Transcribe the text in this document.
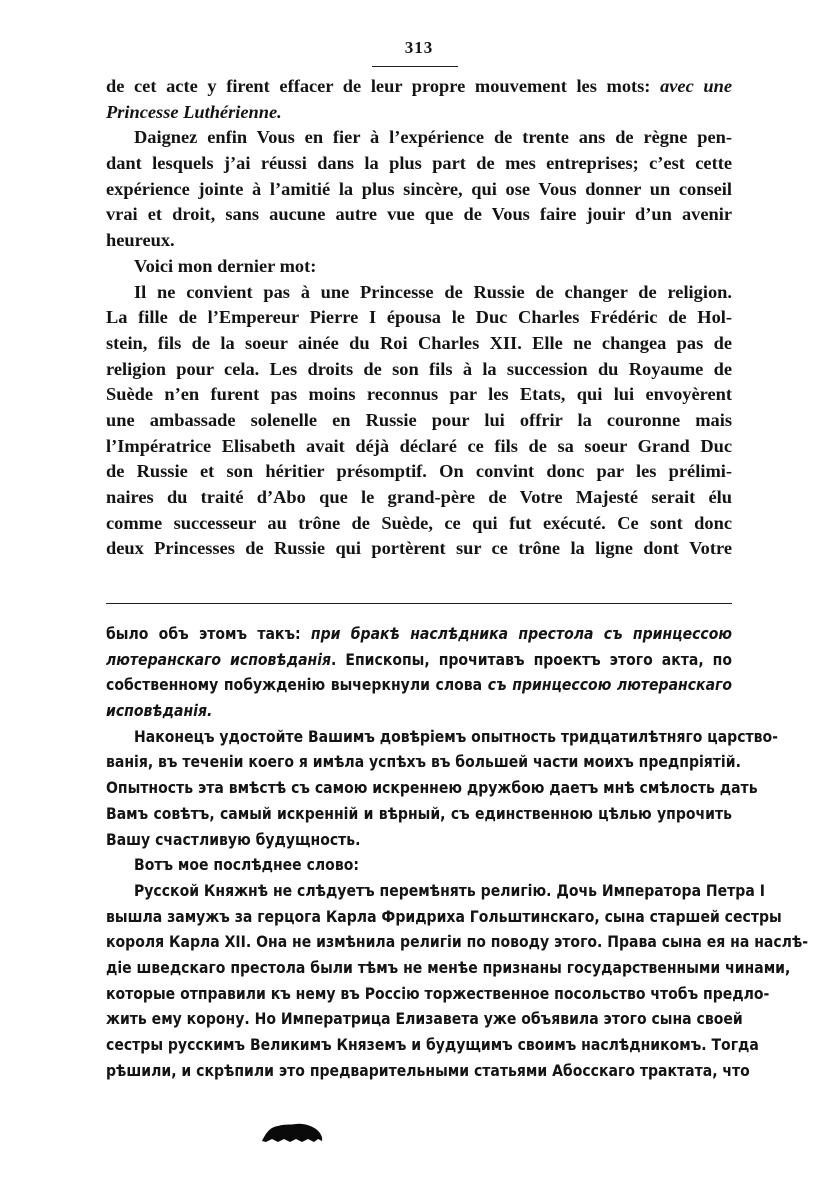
313
de cet acte y firent effacer de leur propre mouvement les mots: avec une
Princesse Luthérienne.
Daignez enfin Vous en fier à l’expérience de trente ans de règne pen-
dant lesquels j’ai réussi dans la plus part de mes entreprises; c’est cette
expérience jointe à l’amitié la plus sincère, qui ose Vous donner un conseil
vrai et droit, sans aucune autre vue que de Vous faire jouir d’un avenir
heureux.
Voici mon dernier mot:
Il ne convient pas à une Princesse de Russie de changer de religion.
La fille de l’Empereur Pierre I épousa le Duc Charles Frédéric de Hol-
stein, fils de la soeur ainée du Roi Charles XII. Elle ne changea pas de
religion pour cela. Les droits de son fils à la succession du Royaume de
Suède n’en furent pas moins reconnus par les Etats, qui lui envoyèrent
une ambassade solenelle en Russie pour lui offrir la couronne mais
l’Impératrice Elisabeth avait déjà déclaré ce fils de sa soeur Grand Duc
de Russie et son héritier présomptif. On convint donc par les prélimi-
naires du traité d’Abo que le grand-père de Votre Majesté serait élu
comme successeur au trône de Suède, ce qui fut exécuté. Ce sont donc
deux Princesses de Russie qui portèrent sur ce trône la ligne dont Votre
было объ этомъ такъ: при бракѣ наслѣдника престола съ принцессою
лютеранскаго исповѣданія. Епископы, прочитавъ проектъ этого акта, по
собственному побужденію вычеркнули слова съ принцессою лютеранскаго
исповѣданія.
Наконецъ удостойте Вашимъ довѣріемъ опытность тридцатилѣтняго царство-
ванія, въ теченіи коего я имѣла успѣхъ въ большей части моихъ предпріятій.
Опытность эта вмѣстѣ съ самою искреннею дружбою даетъ мнѣ смѣлость дать
Вамъ совѣтъ, самый искренній и вѣрный, съ единственною цѣлью упрочить
Вашу счастливую будущность.
Вотъ мое послѣднее слово:
Русской Княжнѣ не слѣдуетъ перемѣнять религію. Дочь Императора Петра I
вышла замужъ за герцога Карла Фридриха Гольштинскаго, сына старшей сестры
короля Карла XII. Она не измѣнила религіи по поводу этого. Права сына ея на наслѣ-
діе шведскаго престола были тѣмъ не менѣе признаны государственными чинами,
которые отправили къ нему въ Россію торжественное посольство чтобъ предло-
жить ему корону. Но Императрица Елизавета уже объявила этого сына своей
сестры русскимъ Великимъ Княземъ и будущимъ своимъ наслѣдникомъ. Тогда
рѣшили, и скрѣпили это предварительными статьями Абосскаго трактата, что
